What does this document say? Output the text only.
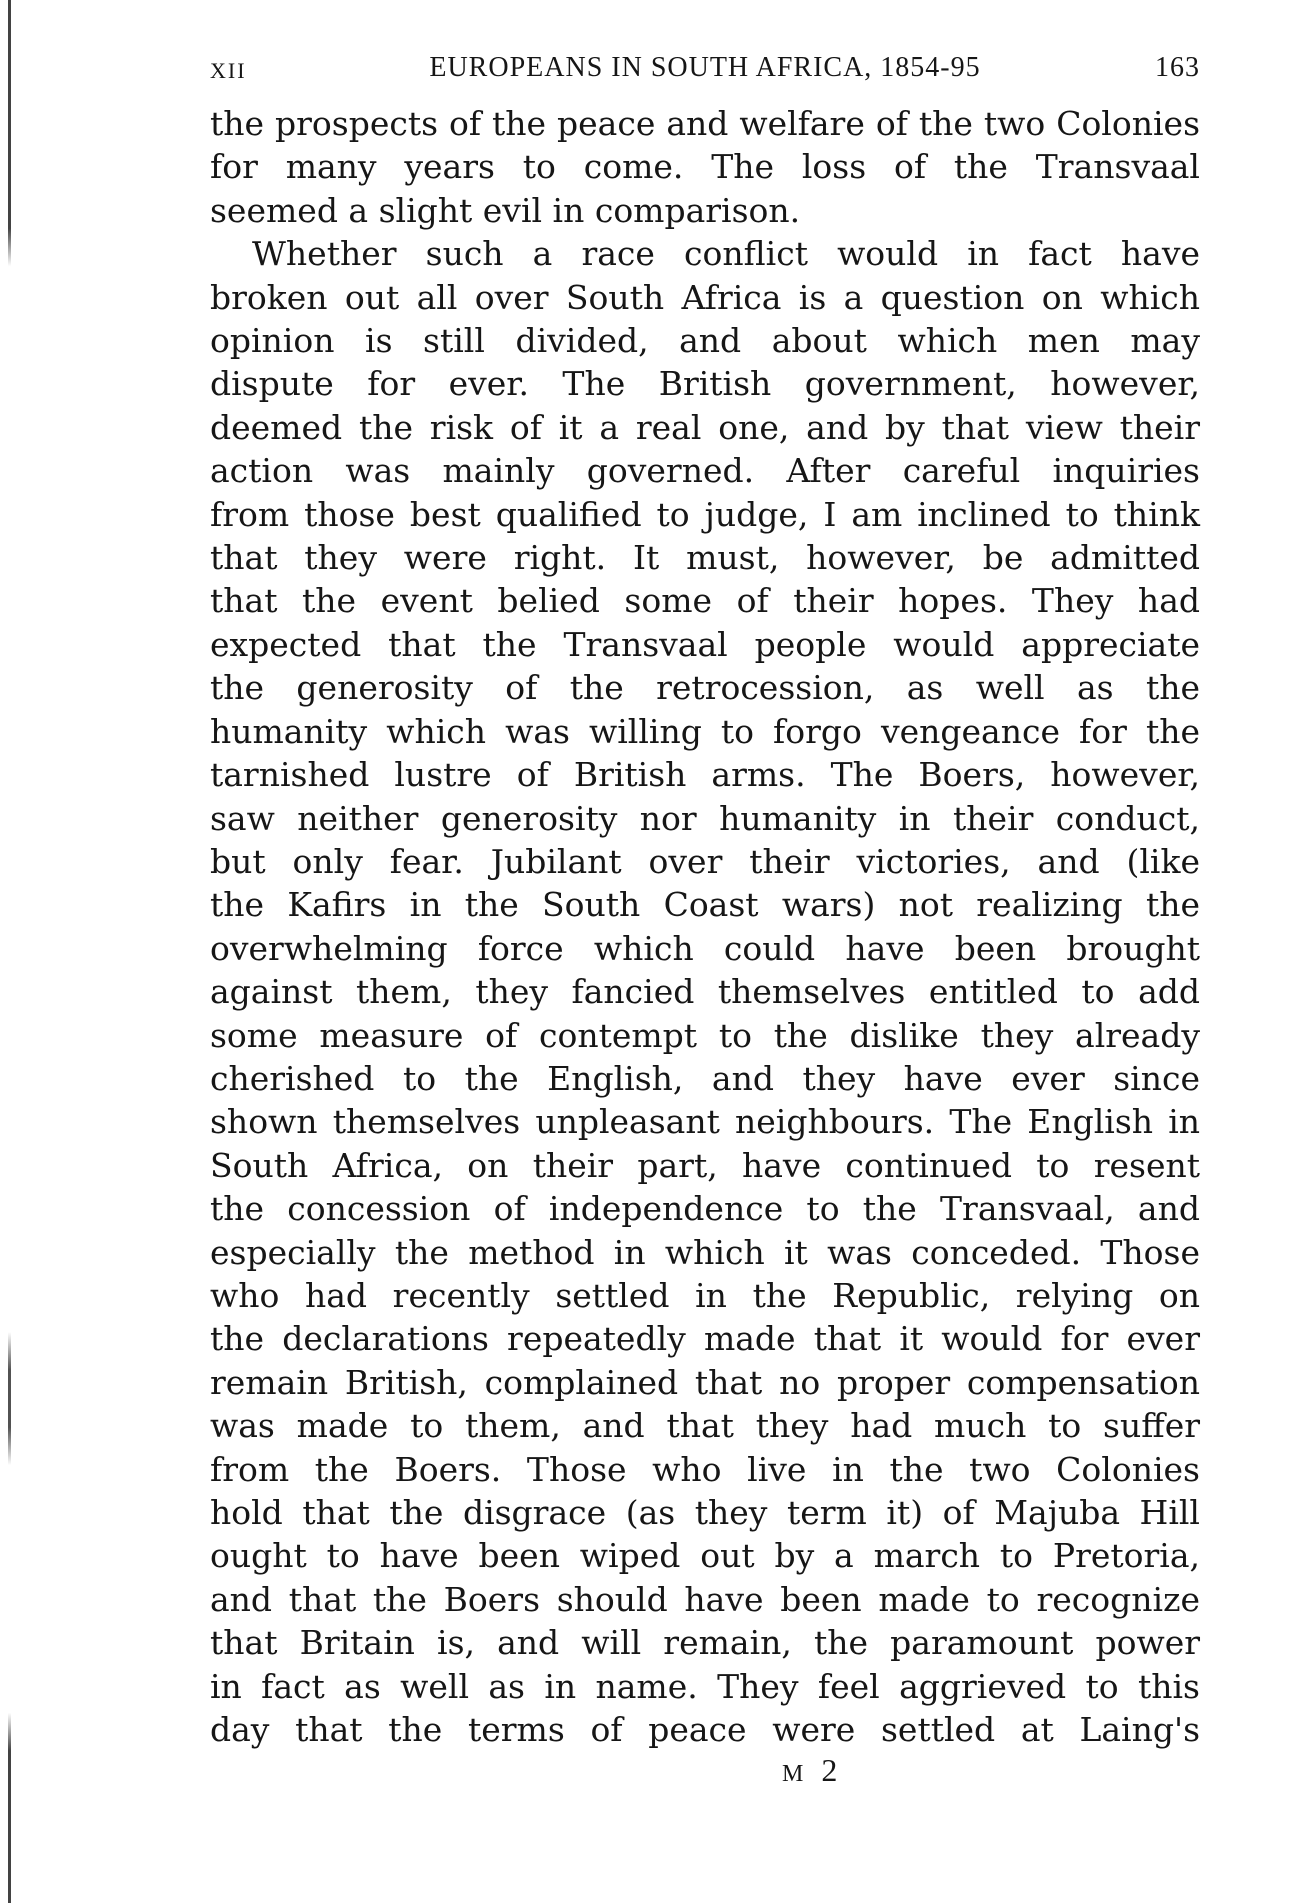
XII	EUROPEANS IN SOUTH AFRICA, 1854-95	163
the prospects of the peace and welfare of the two Colonies
for many years to come. The loss of the Transvaal
seemed a slight evil in comparison.
Whether such a race conflict would in fact have
broken out all over South Africa is a question on which
opinion is still divided, and about which men may
dispute for ever. The British government, however,
deemed the risk of it a real one, and by that view their
action was mainly governed. After careful inquiries
from those best qualified to judge, I am inclined to think
that they were right. It must, however, be admitted
that the event belied some of their hopes. They had
expected that the Transvaal people would appreciate
the generosity of the retrocession, as well as the
humanity which was willing to forgo vengeance for the
tarnished lustre of British arms. The Boers, however,
saw neither generosity nor humanity in their conduct,
but only fear. Jubilant over their victories, and (like
the Kafirs in the South Coast wars) not realizing the
overwhelming force which could have been brought
against them, they fancied themselves entitled to add
some measure of contempt to the dislike they already
cherished to the English, and they have ever since
shown themselves unpleasant neighbours. The English in
South Africa, on their part, have continued to resent
the concession of independence to the Transvaal, and
especially the method in which it was conceded. Those
who had recently settled in the Republic, relying on
the declarations repeatedly made that it would for ever
remain British, complained that no proper compensation
was made to them, and that they had much to suffer
from the Boers. Those who live in the two Colonies
hold that the disgrace (as they term it) of Majuba Hill
ought to have been wiped out by a march to Pretoria,
and that the Boers should have been made to recognize
that Britain is, and will remain, the paramount power
in fact as well as in name. They feel aggrieved to this
day that the terms of peace were settled at Laing's
M 2
